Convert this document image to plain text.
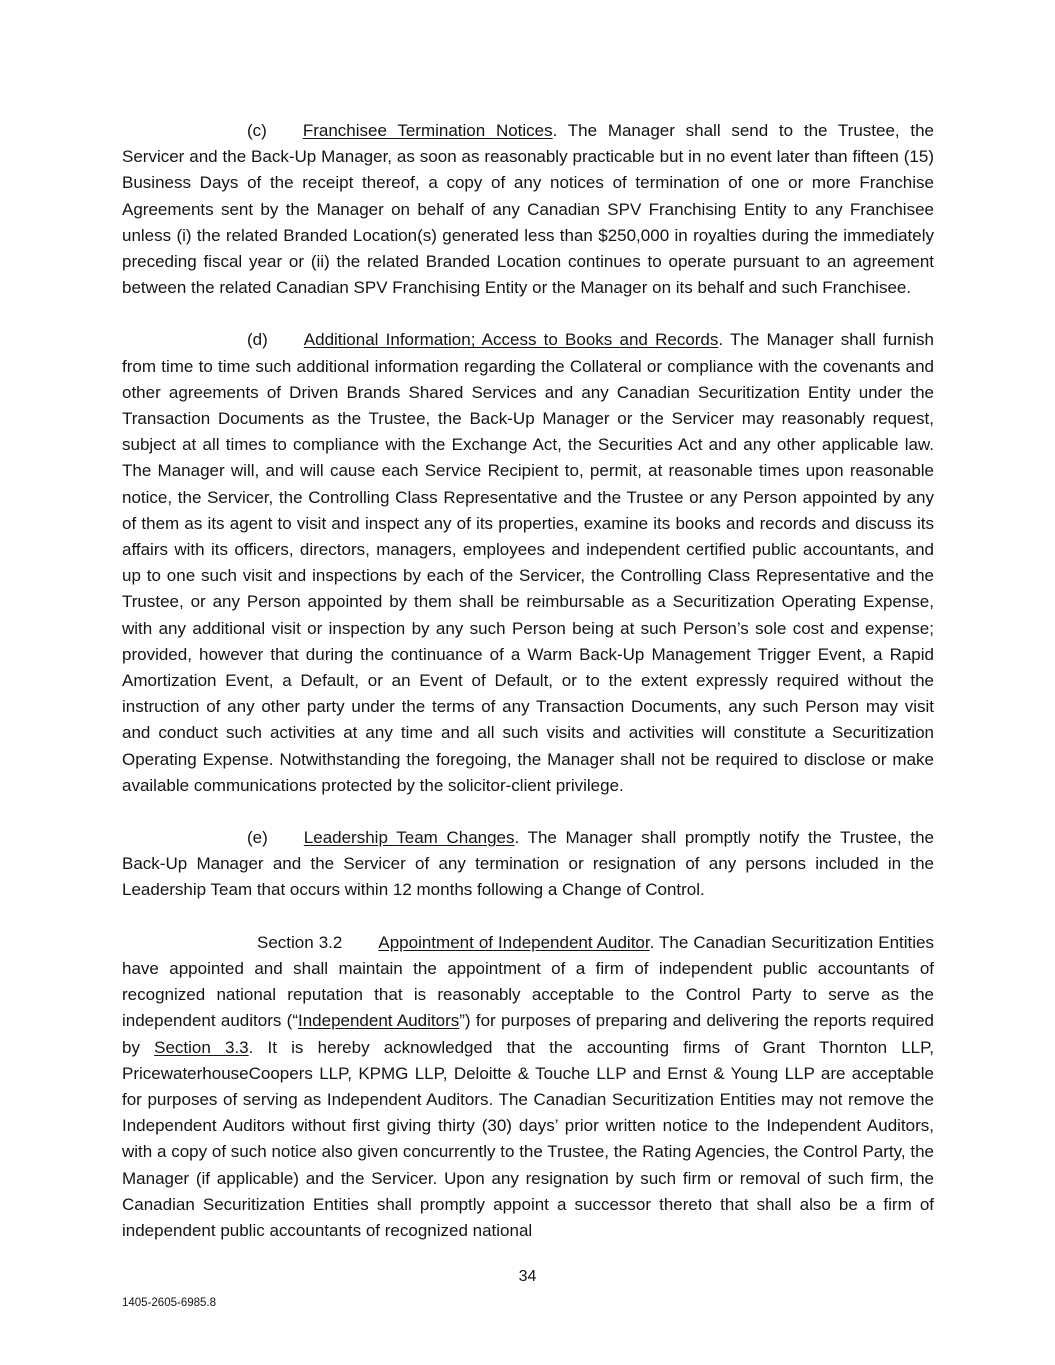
(c) Franchisee Termination Notices. The Manager shall send to the Trustee, the Servicer and the Back-Up Manager, as soon as reasonably practicable but in no event later than fifteen (15) Business Days of the receipt thereof, a copy of any notices of termination of one or more Franchise Agreements sent by the Manager on behalf of any Canadian SPV Franchising Entity to any Franchisee unless (i) the related Branded Location(s) generated less than $250,000 in royalties during the immediately preceding fiscal year or (ii) the related Branded Location continues to operate pursuant to an agreement between the related Canadian SPV Franchising Entity or the Manager on its behalf and such Franchisee.

(d) Additional Information; Access to Books and Records. The Manager shall furnish from time to time such additional information regarding the Collateral or compliance with the covenants and other agreements of Driven Brands Shared Services and any Canadian Securitization Entity under the Transaction Documents as the Trustee, the Back-Up Manager or the Servicer may reasonably request, subject at all times to compliance with the Exchange Act, the Securities Act and any other applicable law. The Manager will, and will cause each Service Recipient to, permit, at reasonable times upon reasonable notice, the Servicer, the Controlling Class Representative and the Trustee or any Person appointed by any of them as its agent to visit and inspect any of its properties, examine its books and records and discuss its affairs with its officers, directors, managers, employees and independent certified public accountants, and up to one such visit and inspections by each of the Servicer, the Controlling Class Representative and the Trustee, or any Person appointed by them shall be reimbursable as a Securitization Operating Expense, with any additional visit or inspection by any such Person being at such Person’s sole cost and expense; provided, however that during the continuance of a Warm Back-Up Management Trigger Event, a Rapid Amortization Event, a Default, or an Event of Default, or to the extent expressly required without the instruction of any other party under the terms of any Transaction Documents, any such Person may visit and conduct such activities at any time and all such visits and activities will constitute a Securitization Operating Expense. Notwithstanding the foregoing, the Manager shall not be required to disclose or make available communications protected by the solicitor-client privilege.

(e) Leadership Team Changes. The Manager shall promptly notify the Trustee, the Back-Up Manager and the Servicer of any termination or resignation of any persons included in the Leadership Team that occurs within 12 months following a Change of Control.

Section 3.2 Appointment of Independent Auditor. The Canadian Securitization Entities have appointed and shall maintain the appointment of a firm of independent public accountants of recognized national reputation that is reasonably acceptable to the Control Party to serve as the independent auditors (“Independent Auditors”) for purposes of preparing and delivering the reports required by Section 3.3. It is hereby acknowledged that the accounting firms of Grant Thornton LLP, PricewaterhouseCoopers LLP, KPMG LLP, Deloitte & Touche LLP and Ernst & Young LLP are acceptable for purposes of serving as Independent Auditors. The Canadian Securitization Entities may not remove the Independent Auditors without first giving thirty (30) days’ prior written notice to the Independent Auditors, with a copy of such notice also given concurrently to the Trustee, the Rating Agencies, the Control Party, the Manager (if applicable) and the Servicer. Upon any resignation by such firm or removal of such firm, the Canadian Securitization Entities shall promptly appoint a successor thereto that shall also be a firm of independent public accountants of recognized national

34
1405-2605-6985.8
